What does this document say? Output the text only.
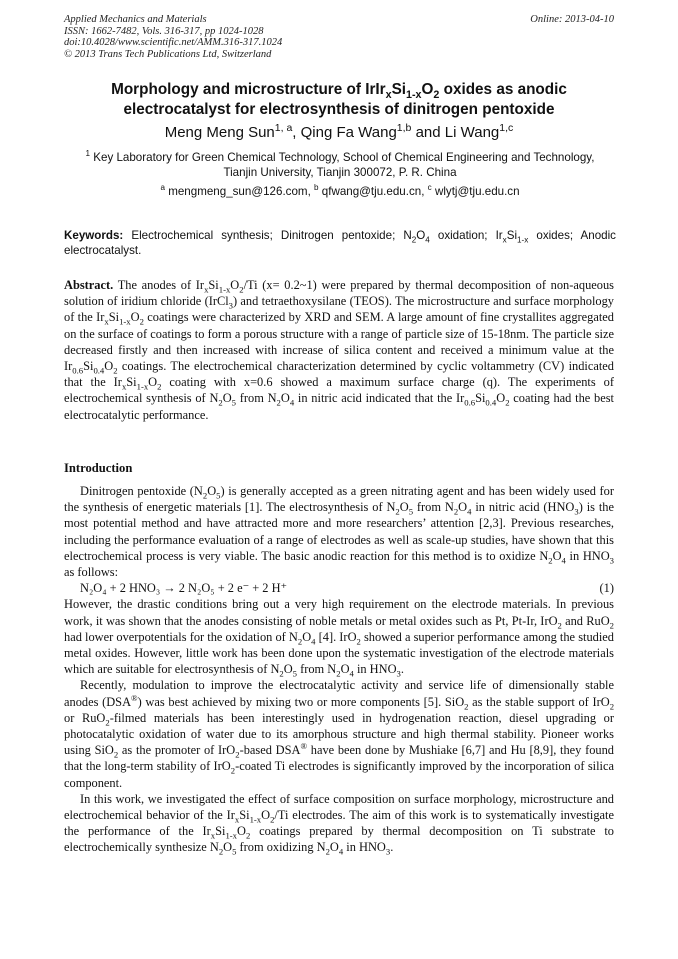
Applied Mechanics and Materials
ISSN: 1662-7482, Vols. 316-317, pp 1024-1028
doi:10.4028/www.scientific.net/AMM.316-317.1024
© 2013 Trans Tech Publications Ltd, Switzerland
Online: 2013-04-10
Morphology and microstructure of $IrIr_xSi_{1-x}O_2$ oxides as anodic
electrocatalyst for electrosynthesis of dinitrogen pentoxide
Meng Meng Sun$^{1, a}$, Qing Fa Wang$^{1,b}$ and Li Wang$^{1,c}$
$^1$ Key Laboratory for Green Chemical Technology, School of Chemical Engineering and Technology,
Tianjin University, Tianjin 300072, P. R. China
$^a$ mengmeng_sun@126.com, $^b$ qfwang@tju.edu.cn, $^c$ wlytj@tju.edu.cn
Keywords: Electrochemical synthesis; Dinitrogen pentoxide; $N_2O_4$ oxidation; $Ir_xSi_{1-x}$ oxides; Anodic electrocatalyst.
Abstract. The anodes of $Ir_xSi_{1-x}O_2/Ti$ (x= 0.2~1) were prepared by thermal decomposition of non-aqueous solution of iridium chloride (IrCl$_3$) and tetraethoxysilane (TEOS). The microstructure and surface morphology of the $Ir_xSi_{1-x}O_2$ coatings were characterized by XRD and SEM. A large amount of fine crystallites aggregated on the surface of coatings to form a porous structure with a range of particle size of 15-18nm. The particle size decreased firstly and then increased with increase of silica content and received a minimum value at the $Ir_{0.6}Si_{0.4}O_2$ coatings. The electrochemical characterization determined by cyclic voltammetry (CV) indicated that the $Ir_xSi_{1-x}O_2$ coating with x=0.6 showed a maximum surface charge (q). The experiments of electrochemical synthesis of $N_2O_5$ from $N_2O_4$ in nitric acid indicated that the $Ir_{0.6}Si_{0.4}O_2$ coating had the best electrocatalytic performance.
Introduction

Dinitrogen pentoxide $(N_2O_5)$ is generally accepted as a green nitrating agent and has been widely used for the synthesis of energetic materials [1]. The electrosynthesis of $N_2O_5$ from $N_2O_4$ in nitric acid $(HNO_3)$ is the most potential method and have attracted more and more researchers’ attention [2,3]. Previous researches, including the performance evaluation of a range of electrodes as well as scale-up studies, have shown that this electrochemical process is very viable. The basic anodic reaction for this method is to oxidize $N_2O_4$ in $HNO_3$ as follows:

N₂O₄ + 2 HNO₃ → 2 N₂O₅ + 2 e⁻ + 2 H⁺	(1)

However, the drastic conditions bring out a very high requirement on the electrode materials. In previous work, it was shown that the anodes consisting of noble metals or metal oxides such as Pt, Pt-Ir, IrO$_2$ and RuO$_2$ had lower overpotentials for the oxidation of $N_2O_4$ [4]. IrO$_2$ showed a superior performance among the studied metal oxides. However, little work has been done upon the systematic investigation of the electrode materials which are suitable for electrosynthesis of $N_2O_5$ from $N_2O_4$ in $HNO_3$.

Recently, modulation to improve the electrocatalytic activity and service life of dimensionally stable anodes (DSA®) was best achieved by mixing two or more components [5]. SiO$_2$ as the stable support of IrO$_2$ or RuO$_2$-filmed materials has been interestingly used in hydrogenation reaction, diesel upgrading or photocatalytic oxidation of water due to its amorphous structure and high thermal stability. Pioneer works using SiO$_2$ as the promoter of IrO$_2$-based DSA® have been done by Mushiake [6,7] and Hu [8,9], they found that the long-term stability of IrO$_2$-coated Ti electrodes is significantly improved by the incorporation of silica component.

In this work, we investigated the effect of surface composition on surface morphology, microstructure and electrochemical behavior of the $Ir_xSi_{1-x}O_2/Ti$ electrodes. The aim of this work is to systematically investigate the performance of the $Ir_xSi_{1-x}O_2$ coatings prepared by thermal decomposition on Ti substrate to electrochemically synthesize $N_2O_5$ from oxidizing $N_2O_4$ in $HNO_3$.
